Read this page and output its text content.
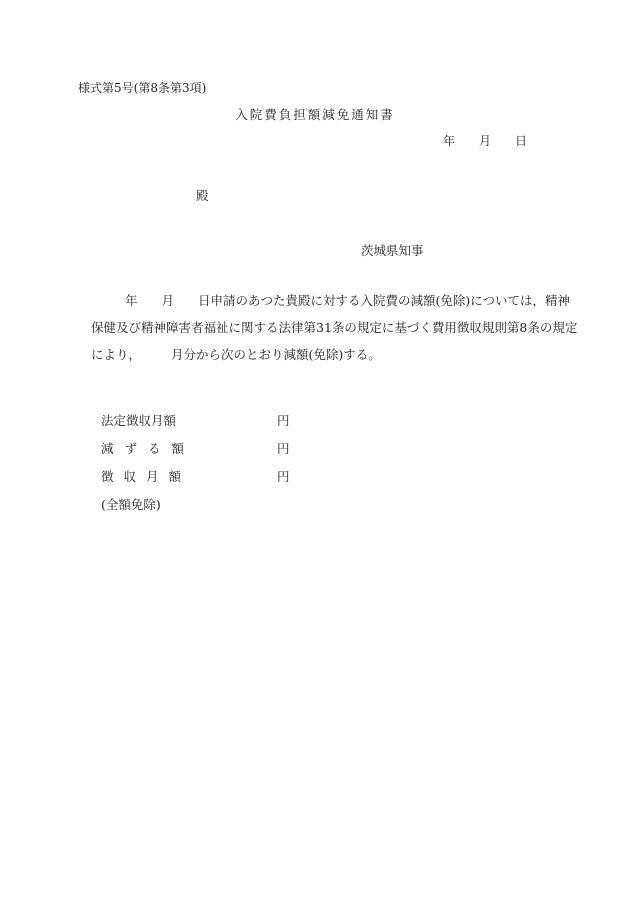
様式第5号(第8条第3項)
入院費負担額減免通知書
年 月 日
殿
茨城県知事
年 月 日申請のあつた貴殿に対する入院費の減額(免除)については，精神
保健及び精神障害者福祉に関する法律第31条の規定に基づく費用徴収規則第8条の規定
により， 月分から次のとおり減額(免除)する。
法定徴収月額	円
減ずる額	円
徴収月額	円
(全額免除)
